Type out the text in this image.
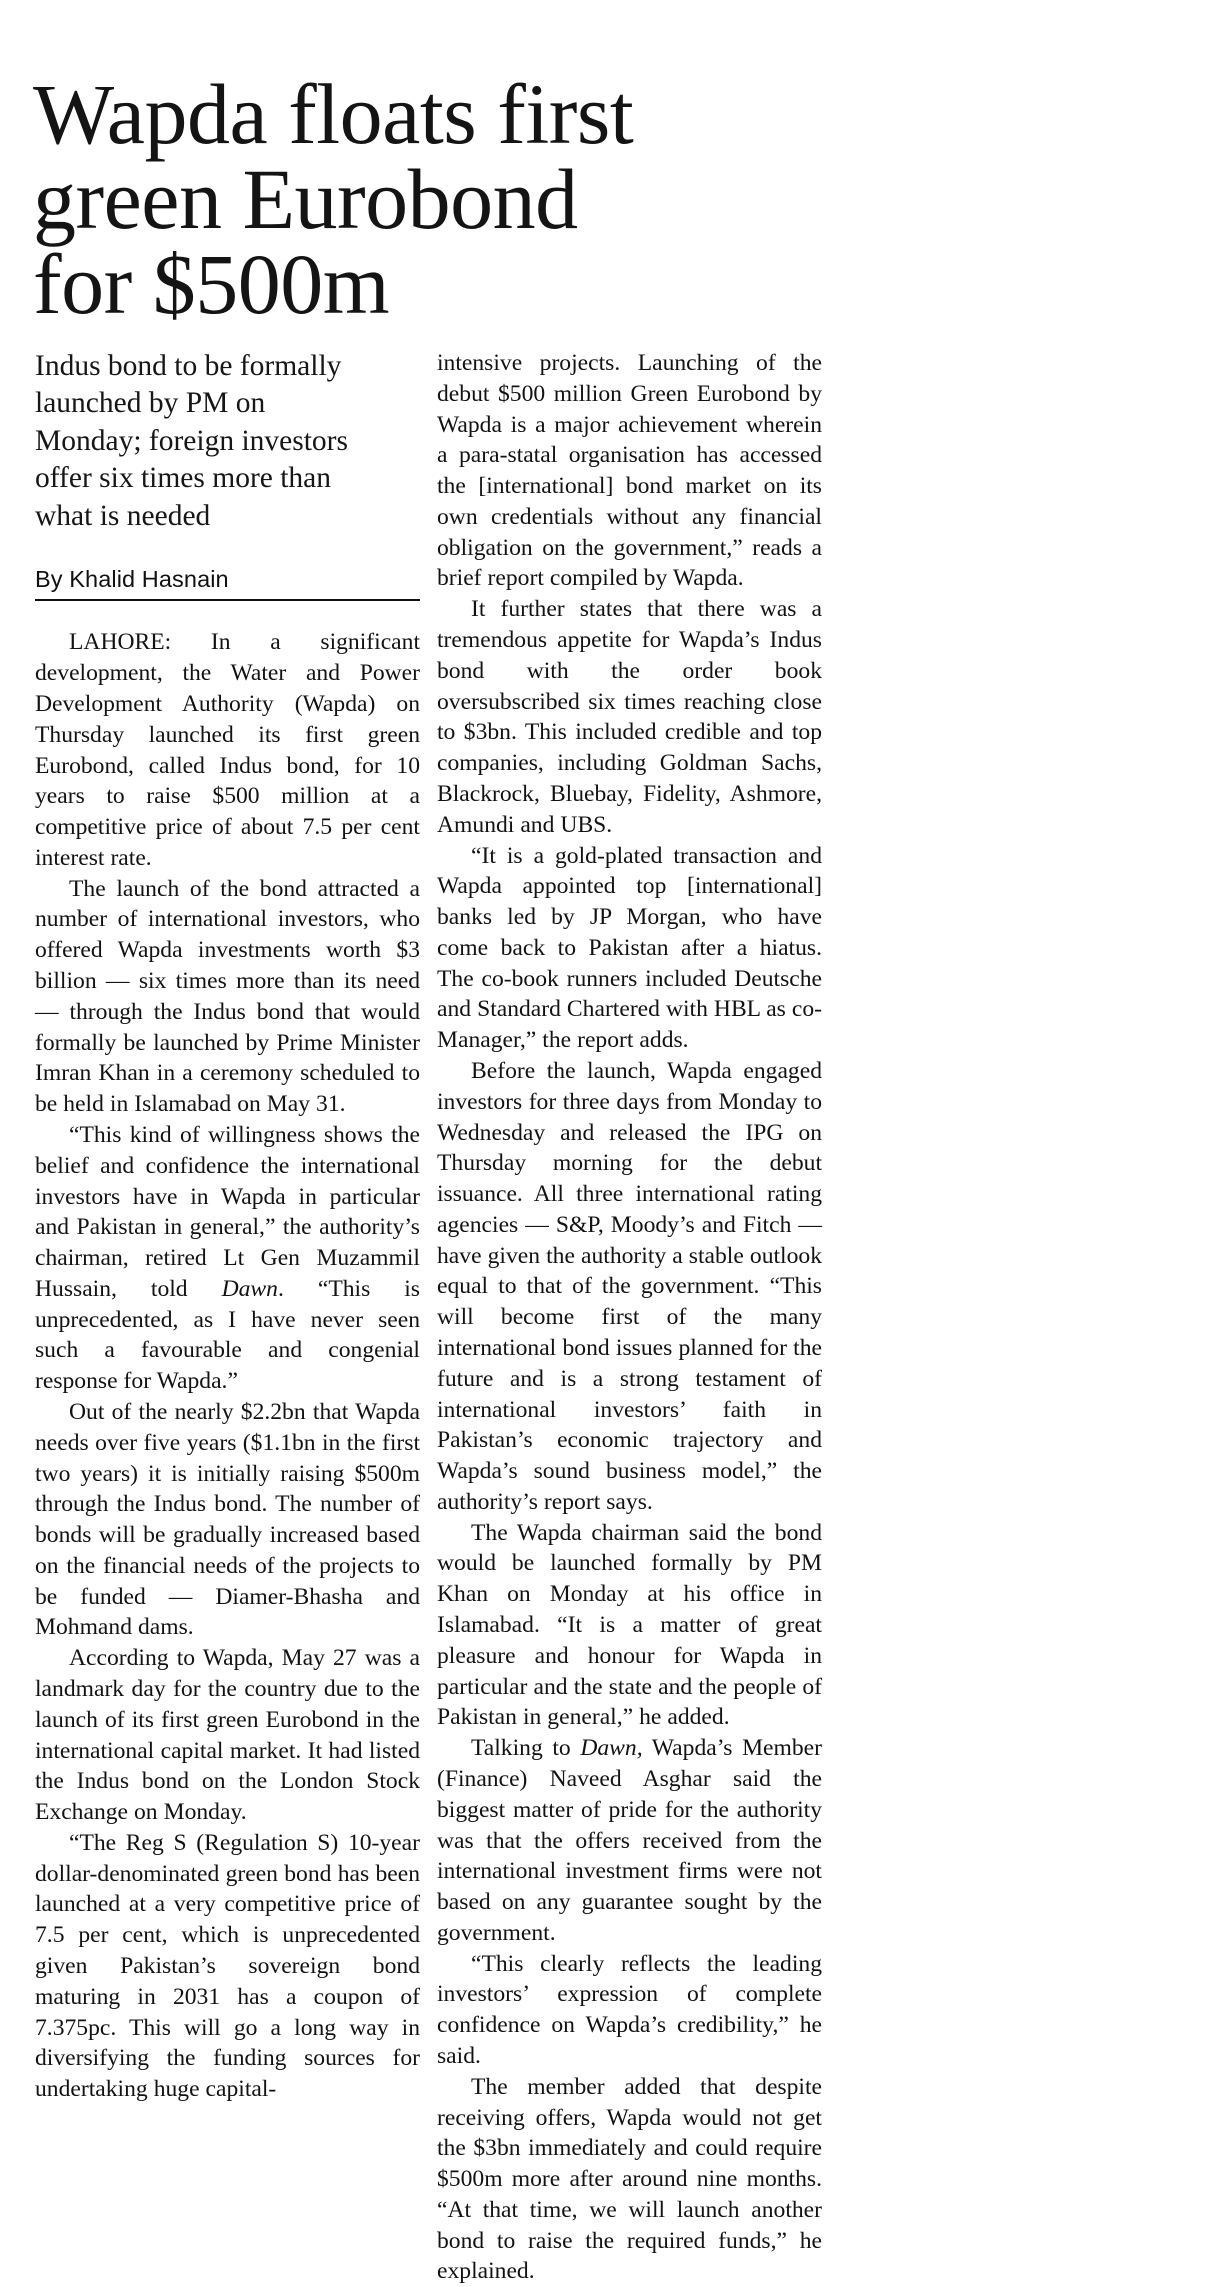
Wapda floats first
green Eurobond
for $500m
Indus bond to be formally
launched by PM on
Monday; foreign investors
offer six times more than
what is needed
By Khalid Hasnain

LAHORE: In a significant development, the Water and Power Development Authority (Wapda) on Thursday launched its first green Eurobond, called Indus bond, for 10 years to raise $500 million at a competitive price of about 7.5 per cent interest rate.

The launch of the bond attracted a number of international investors, who offered Wapda investments worth $3 billion — six times more than its need — through the Indus bond that would formally be launched by Prime Minister Imran Khan in a ceremony scheduled to be held in Islamabad on May 31.

“This kind of willingness shows the belief and confidence the international investors have in Wapda in particular and Pakistan in general,” the authority’s chairman, retired Lt Gen Muzammil Hussain, told Dawn. “This is unprecedented, as I have never seen such a favourable and congenial response for Wapda.”

Out of the nearly $2.2bn that Wapda needs over five years ($1.1bn in the first two years) it is initially raising $500m through the Indus bond. The number of bonds will be gradually increased based on the financial needs of the projects to be funded — Diamer-Bhasha and Mohmand dams.

According to Wapda, May 27 was a landmark day for the country due to the launch of its first green Eurobond in the international capital market. It had listed the Indus bond on the London Stock Exchange on Monday.

“The Reg S (Regulation S) 10-year dollar-denominated green bond has been launched at a very competitive price of 7.5 per cent, which is unprecedented given Pakistan’s sovereign bond maturing in 2031 has a coupon of 7.375pc. This will go a long way in diversifying the funding sources for undertaking huge capital-

intensive projects. Launching of the debut $500 million Green Eurobond by Wapda is a major achievement wherein a para-statal organisation has accessed the [international] bond market on its own credentials without any financial obligation on the government,” reads a brief report compiled by Wapda.

It further states that there was a tremendous appetite for Wapda’s Indus bond with the order book oversubscribed six times reaching close to $3bn. This included credible and top companies, including Goldman Sachs, Blackrock, Bluebay, Fidelity, Ashmore, Amundi and UBS.

“It is a gold-plated transaction and Wapda appointed top [international] banks led by JP Morgan, who have come back to Pakistan after a hiatus. The co-book runners included Deutsche and Standard Chartered with HBL as co-Manager,” the report adds.

Before the launch, Wapda engaged investors for three days from Monday to Wednesday and released the IPG on Thursday morning for the debut issuance. All three international rating agencies — S&P, Moody’s and Fitch — have given the authority a stable outlook equal to that of the government. “This will become first of the many international bond issues planned for the future and is a strong testament of international investors’ faith in Pakistan’s economic trajectory and Wapda’s sound business model,” the authority’s report says.

The Wapda chairman said the bond would be launched formally by PM Khan on Monday at his office in Islamabad. “It is a matter of great pleasure and honour for Wapda in particular and the state and the people of Pakistan in general,” he added.

Talking to Dawn, Wapda’s Member (Finance) Naveed Asghar said the biggest matter of pride for the authority was that the offers received from the international investment firms were not based on any guarantee sought by the government.

“This clearly reflects the leading investors’ expression of complete confidence on Wapda’s credibility,” he said.

The member added that despite receiving offers, Wapda would not get the $3bn immediately and could require $500m more after around nine months. “At that time, we will launch another bond to raise the required funds,” he explained.
